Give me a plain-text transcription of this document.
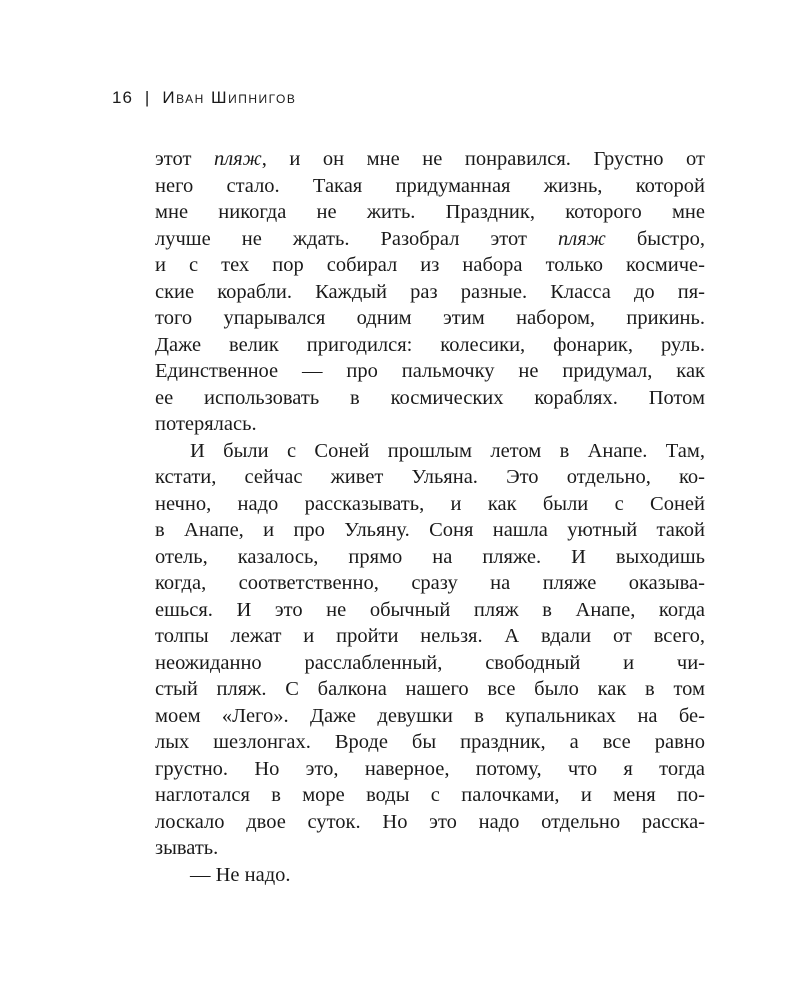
16 | Иван Шипнигов
этот пляж, и он мне не понравился. Грустно от
него стало. Такая придуманная жизнь, которой
мне никогда не жить. Праздник, которого мне
лучше не ждать. Разобрал этот пляж быстро,
и с тех пор собирал из набора только космиче-
ские корабли. Каждый раз разные. Класса до пя-
того упарывался одним этим набором, прикинь.
Даже велик пригодился: колесики, фонарик, руль.
Единственное — про пальмочку не придумал, как
ее использовать в космических кораблях. Потом
потерялась.
И были с Соней прошлым летом в Анапе. Там,
кстати, сейчас живет Ульяна. Это отдельно, ко-
нечно, надо рассказывать, и как были с Соней
в Анапе, и про Ульяну. Соня нашла уютный такой
отель, казалось, прямо на пляже. И выходишь
когда, соответственно, сразу на пляже оказыва-
ешься. И это не обычный пляж в Анапе, когда
толпы лежат и пройти нельзя. А вдали от всего,
неожиданно расслабленный, свободный и чи-
стый пляж. С балкона нашего все было как в том
моем «Лего». Даже девушки в купальниках на бе-
лых шезлонгах. Вроде бы праздник, а все равно
грустно. Но это, наверное, потому, что я тогда
наглотался в море воды с палочками, и меня по-
лоскало двое суток. Но это надо отдельно расска-
зывать.
— Не надо.
